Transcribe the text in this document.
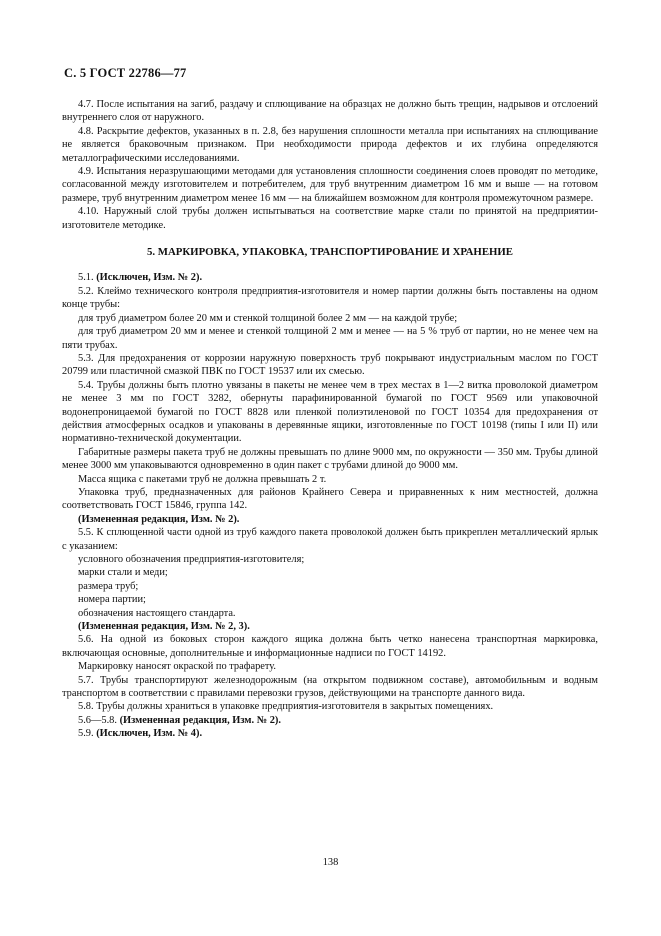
С. 5 ГОСТ 22786—77

4.7. После испытания на загиб, раздачу и сплющивание на образцах не должно быть трещин, надрывов и отслоений внутреннего слоя от наружного.

4.8. Раскрытие дефектов, указанных в п. 2.8, без нарушения сплошности металла при испытаниях на сплющивание не является браковочным признаком. При необходимости природа дефектов и их глубина определяются металлографическими исследованиями.

4.9. Испытания неразрушающими методами для установления сплошности соединения слоев проводят по методике, согласованной между изготовителем и потребителем, для труб внутренним диаметром 16 мм и выше — на готовом размере, труб внутренним диаметром менее 16 мм — на ближайшем возможном для контроля промежуточном размере.

4.10. Наружный слой трубы должен испытываться на соответствие марке стали по принятой на предприятии-изготовителе методике.

5. МАРКИРОВКА, УПАКОВКА, ТРАНСПОРТИРОВАНИЕ И ХРАНЕНИЕ

5.1. (Исключен, Изм. № 2).

5.2. Клеймо технического контроля предприятия-изготовителя и номер партии должны быть поставлены на одном конце трубы:

для труб диаметром более 20 мм и стенкой толщиной более 2 мм — на каждой трубе;

для труб диаметром 20 мм и менее и стенкой толщиной 2 мм и менее — на 5 % труб от партии, но не менее чем на пяти трубах.

5.3. Для предохранения от коррозии наружную поверхность труб покрывают индустриальным маслом по ГОСТ 20799 или пластичной смазкой ПВК по ГОСТ 19537 или их смесью.

5.4. Трубы должны быть плотно увязаны в пакеты не менее чем в трех местах в 1—2 витка проволокой диаметром не менее 3 мм по ГОСТ 3282, обернуты парафинированной бумагой по ГОСТ 9569 или упаковочной водонепроницаемой бумагой по ГОСТ 8828 или пленкой полиэтиленовой по ГОСТ 10354 для предохранения от действия атмосферных осадков и упакованы в деревянные ящики, изготовленные по ГОСТ 10198 (типы I или II) или нормативно-технической документации.

Габаритные размеры пакета труб не должны превышать по длине 9000 мм, по окружности — 350 мм. Трубы длиной менее 3000 мм упаковываются одновременно в один пакет с трубами длиной до 9000 мм.

Масса ящика с пакетами труб не должна превышать 2 т.

Упаковка труб, предназначенных для районов Крайнего Севера и приравненных к ним местностей, должна соответствовать ГОСТ 15846, группа 142.

(Измененная редакция, Изм. № 2).

5.5. К сплющенной части одной из труб каждого пакета проволокой должен быть прикреплен металлический ярлык с указанием:

условного обозначения предприятия-изготовителя;

марки стали и меди;

размера труб;

номера партии;

обозначения настоящего стандарта.

(Измененная редакция, Изм. № 2, 3).

5.6. На одной из боковых сторон каждого ящика должна быть четко нанесена транспортная маркировка, включающая основные, дополнительные и информационные надписи по ГОСТ 14192.

Маркировку наносят окраской по трафарету.

5.7. Трубы транспортируют железнодорожным (на открытом подвижном составе), автомобильным и водным транспортом в соответствии с правилами перевозки грузов, действующими на транспорте данного вида.

5.8. Трубы должны храниться в упаковке предприятия-изготовителя в закрытых помещениях.

5.6—5.8. (Измененная редакция, Изм. № 2).

5.9. (Исключен, Изм. № 4).

138
